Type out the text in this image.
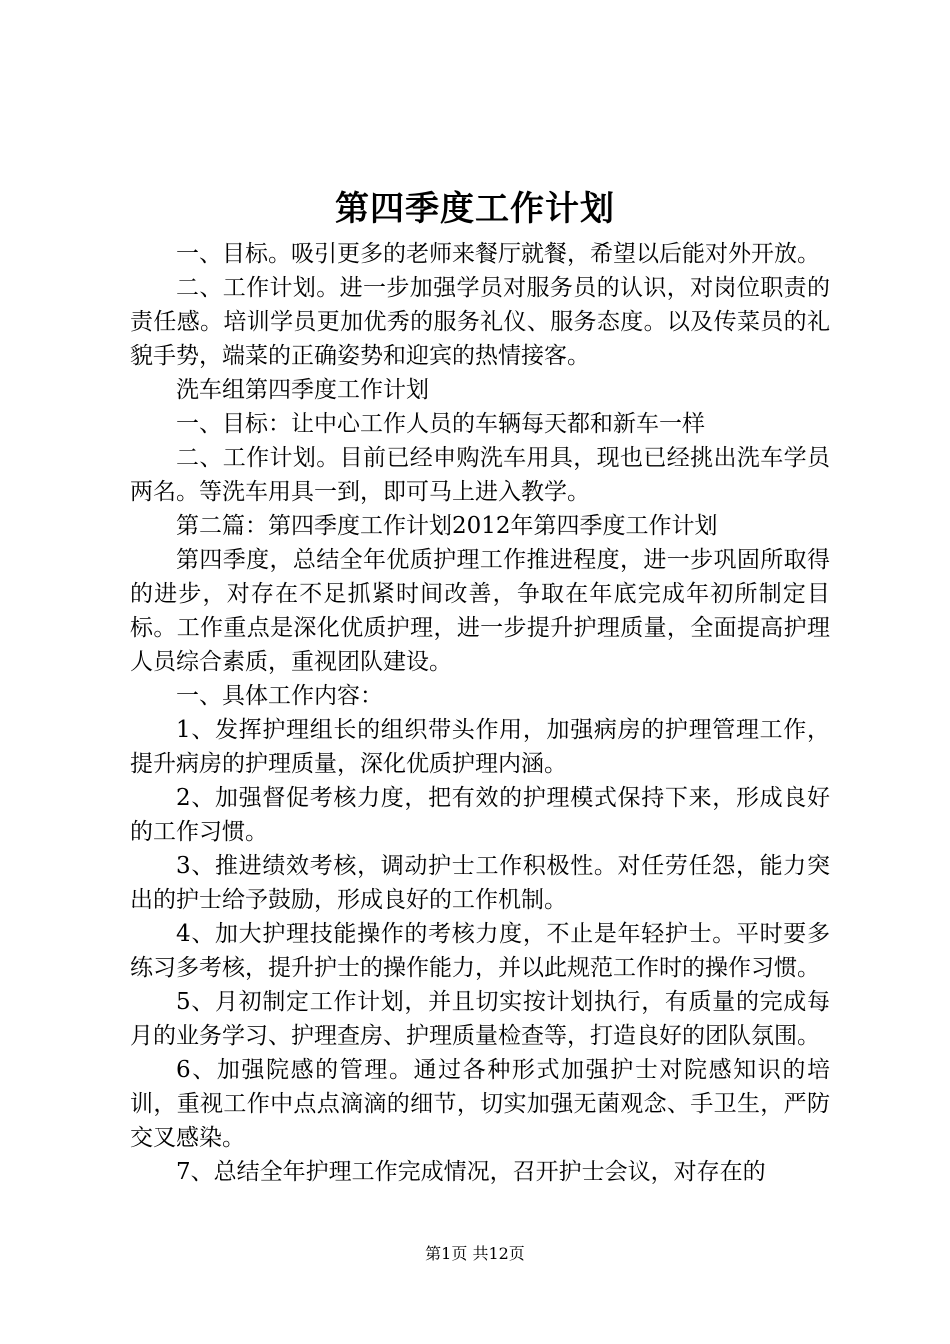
第四季度工作计划

一、目标。吸引更多的老师来餐厅就餐，希望以后能对外开放。

二、工作计划。进一步加强学员对服务员的认识，对岗位职责的责任感。培训学员更加优秀的服务礼仪、服务态度。以及传菜员的礼貌手势，端菜的正确姿势和迎宾的热情接客。

洗车组第四季度工作计划

一、目标：让中心工作人员的车辆每天都和新车一样

二、工作计划。目前已经申购洗车用具，现也已经挑出洗车学员两名。等洗车用具一到，即可马上进入教学。

第二篇：第四季度工作计划2012年第四季度工作计划

第四季度，总结全年优质护理工作推进程度，进一步巩固所取得的进步，对存在不足抓紧时间改善，争取在年底完成年初所制定目标。工作重点是深化优质护理，进一步提升护理质量，全面提高护理人员综合素质，重视团队建设。

一、具体工作内容：

1、发挥护理组长的组织带头作用，加强病房的护理管理工作，提升病房的护理质量，深化优质护理内涵。

2、加强督促考核力度，把有效的护理模式保持下来，形成良好的工作习惯。

3、推进绩效考核，调动护士工作积极性。对任劳任怨，能力突出的护士给予鼓励，形成良好的工作机制。

4、加大护理技能操作的考核力度，不止是年轻护士。平时要多练习多考核，提升护士的操作能力，并以此规范工作时的操作习惯。

5、月初制定工作计划，并且切实按计划执行，有质量的完成每月的业务学习、护理查房、护理质量检查等，打造良好的团队氛围。

6、加强院感的管理。通过各种形式加强护士对院感知识的培训，重视工作中点点滴滴的细节，切实加强无菌观念、手卫生，严防交叉感染。

7、总结全年护理工作完成情况，召开护士会议，对存在的

第1页 共12页
